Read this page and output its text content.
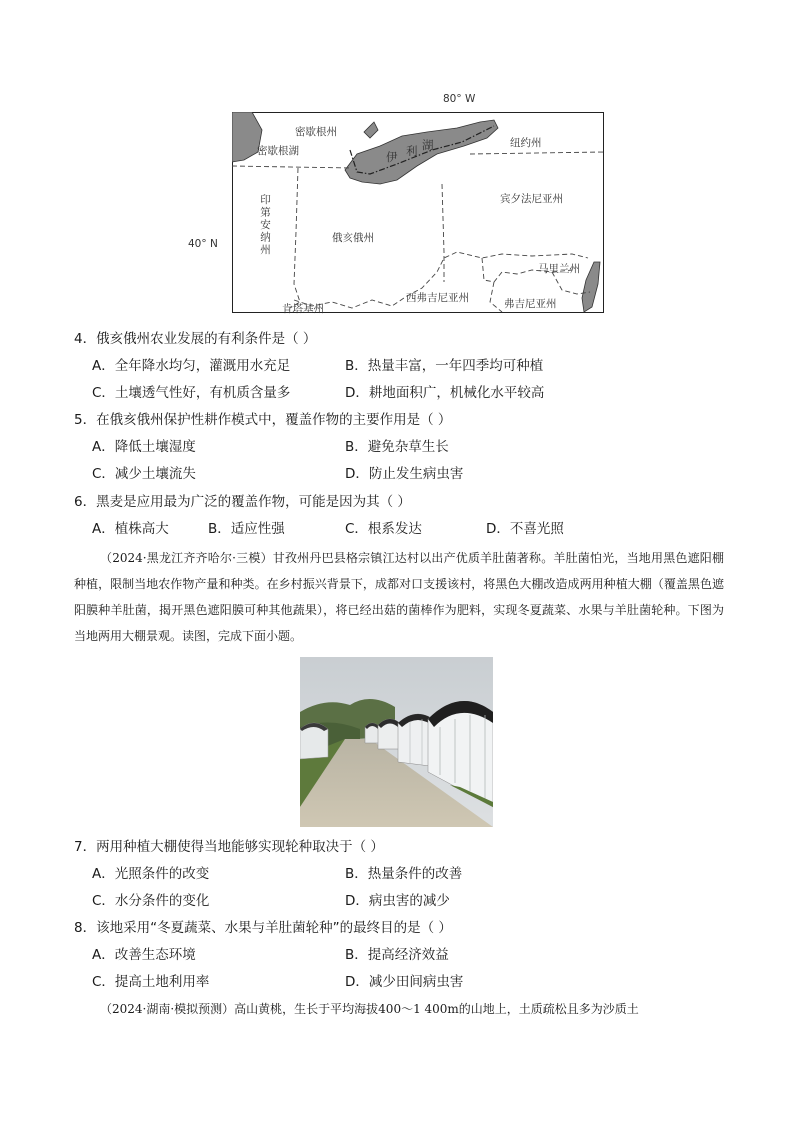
80° W
40° N
密歇根州
密歇根湖	伊 利 湖	纽约州
宾夕法尼亚州
印第安纳州	俄亥俄州
马里兰州
肯塔基州
西弗吉尼亚州	弗吉尼亚州
4．俄亥俄州农业发展的有利条件是（ ）
A．全年降水均匀，灌溉用水充足	B．热量丰富，一年四季均可种植
C．土壤透气性好，有机质含量多	D．耕地面积广，机械化水平较高
5．在俄亥俄州保护性耕作模式中，覆盖作物的主要作用是（ ）
A．降低土壤湿度	B．避免杂草生长
C．减少土壤流失	D．防止发生病虫害
6．黑麦是应用最为广泛的覆盖作物，可能是因为其（ ）
A．植株高大	B．适应性强	C．根系发达	D．不喜光照
（2024·黑龙江齐齐哈尔·三模）甘孜州丹巴县格宗镇江达村以出产优质羊肚菌著称。羊肚菌怕光，当地用黑色遮阳棚种植，限制当地农作物产量和种类。在乡村振兴背景下，成都对口支援该村，将黑色大棚改造成两用种植大棚（覆盖黑色遮阳膜种羊肚菌，揭开黑色遮阳膜可种其他蔬果），将已经出菇的菌棒作为肥料，实现冬夏蔬菜、水果与羊肚菌轮种。下图为当地两用大棚景观。读图，完成下面小题。
7．两用种植大棚使得当地能够实现轮种取决于（ ）
A．光照条件的改变	B．热量条件的改善
C．水分条件的变化	D．病虫害的减少
8．该地采用“冬夏蔬菜、水果与羊肚菌轮种”的最终目的是（ ）
A．改善生态环境	B．提高经济效益
C．提高土地利用率	D．减少田间病虫害
（2024·湖南·模拟预测）高山黄桃，生长于平均海拔400～1 400m的山地上，土质疏松且多为沙质土
